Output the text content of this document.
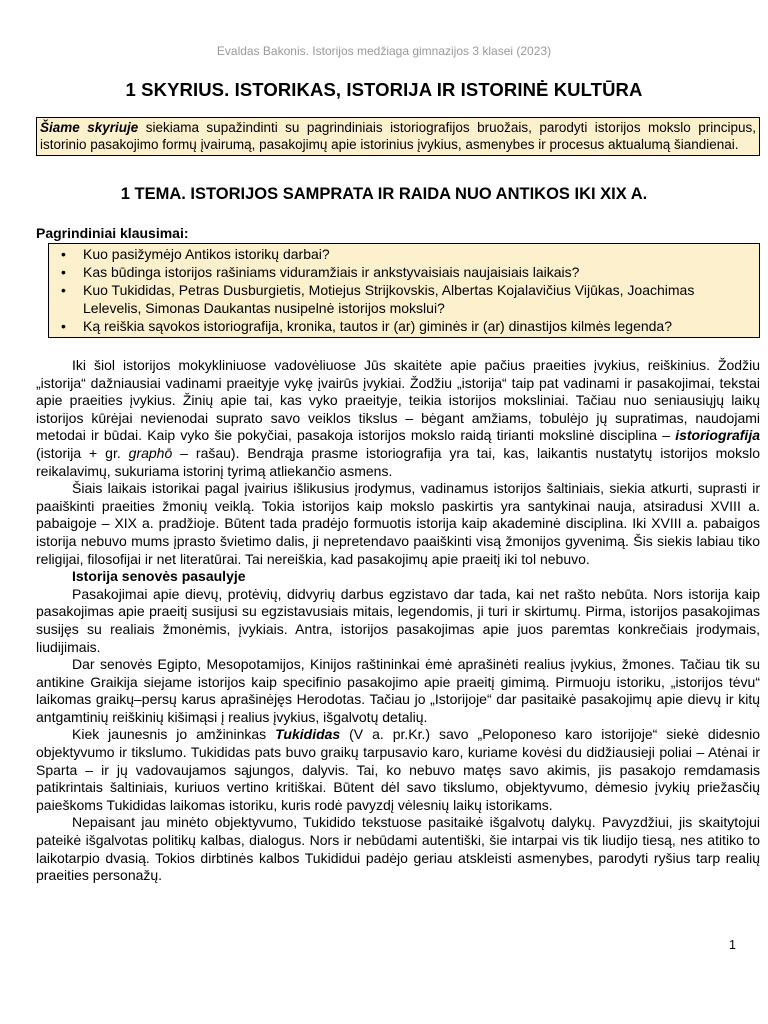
Evaldas Bakonis. Istorijos medžiaga gimnazijos 3 klasei (2023)
1 SKYRIUS. ISTORIKAS, ISTORIJA IR ISTORINĖ KULTŪRA
Šiame skyriuje siekiama supažindinti su pagrindiniais istoriografijos bruožais, parodyti istorijos mokslo principus, istorinio pasakojimo formų įvairumą, pasakojimų apie istorinius įvykius, asmenybes ir procesus aktualumą šiandienai.
1 TEMA. ISTORIJOS SAMPRATA IR RAIDA NUO ANTIKOS IKI XIX A.
Pagrindiniai klausimai:
• Kuo pasižymėjo Antikos istorikų darbai?
• Kas būdinga istorijos rašiniams viduramžiais ir ankstyvaisiais naujaisiais laikais?
• Kuo Tukididas, Petras Dusburgietis, Motiejus Strijkovskis, Albertas Kojalavičius Vijūkas, Joachimas Lelevelis, Simonas Daukantas nusipelnė istorijos mokslui?
• Ką reiškia sąvokos istoriografija, kronika, tautos ir (ar) giminės ir (ar) dinastijos kilmės legenda?

Iki šiol istorijos mokykliniuose vadovėliuose Jūs skaitėte apie pačius praeities įvykius, reiškinius. Žodžiu „istorija“ dažniausiai vadinami praeityje vykę įvairūs įvykiai. Žodžiu „istorija“ taip pat vadinami ir pasakojimai, tekstai apie praeities įvykius. Žinių apie tai, kas vyko praeityje, teikia istorijos moksliniai. Tačiau nuo seniausiųjų laikų istorijos kūrėjai nevienodai suprato savo veiklos tikslus – bėgant amžiams, tobulėjo jų supratimas, naudojami metodai ir būdai. Kaip vyko šie pokyčiai, pasakoja istorijos mokslo raidą tirianti mokslinė disciplina – istoriografija (istorija + gr. graphō – rašau). Bendrąja prasme istoriografija yra tai, kas, laikantis nustatytų istorijos mokslo reikalavimų, sukuriama istorinį tyrimą atliekančio asmens.

Šiais laikais istorikai pagal įvairius išlikusius įrodymus, vadinamus istorijos šaltiniais, siekia atkurti, suprasti ir paaiškinti praeities žmonių veiklą. Tokia istorijos kaip mokslo paskirtis yra santykinai nauja, atsiradusi XVIII a. pabaigoje – XIX a. pradžioje. Būtent tada pradėjo formuotis istorija kaip akademinė disciplina. Iki XVIII a. pabaigos istorija nebuvo mums įprasto švietimo dalis, ji nepretendavo paaiškinti visą žmonijos gyvenimą. Šis siekis labiau tiko religijai, filosofijai ir net literatūrai. Tai nereiškia, kad pasakojimų apie praeitį iki tol nebuvo.

Istorija senovės pasaulyje

Pasakojimai apie dievų, protėvių, didvyrių darbus egzistavo dar tada, kai net rašto nebūta. Nors istorija kaip pasakojimas apie praeitį susijusi su egzistavusiais mitais, legendomis, ji turi ir skirtumų. Pirma, istorijos pasakojimas susijęs su realiais žmonėmis, įvykiais. Antra, istorijos pasakojimas apie juos paremtas konkrečiais įrodymais, liudijimais.

Dar senovės Egipto, Mesopotamijos, Kinijos raštininkai ėmė aprašinėti realius įvykius, žmones. Tačiau tik su antikine Graikija siejame istorijos kaip specifinio pasakojimo apie praeitį gimimą. Pirmuoju istoriku, „istorijos tėvu“ laikomas graikų–persų karus aprašinėjęs Herodotas. Tačiau jo „Istorijoje“ dar pasitaikė pasakojimų apie dievų ir kitų antgamtinių reiškinių kišimąsi į realius įvykius, išgalvotų detalių.

Kiek jaunesnis jo amžininkas Tukididas (V a. pr.Kr.) savo „Peloponeso karo istorijoje“ siekė didesnio objektyvumo ir tikslumo. Tukididas pats buvo graikų tarpusavio karo, kuriame kovėsi du didžiausieji poliai – Atėnai ir Sparta – ir jų vadovaujamos sąjungos, dalyvis. Tai, ko nebuvo matęs savo akimis, jis pasakojo remdamasis patikrintais šaltiniais, kuriuos vertino kritiškai. Būtent dėl savo tikslumo, objektyvumo, dėmesio įvykių priežasčių paieškoms Tukididas laikomas istoriku, kuris rodė pavyzdį vėlesnių laikų istorikams.

Nepaisant jau minėto objektyvumo, Tukidido tekstuose pasitaikė išgalvotų dalykų. Pavyzdžiui, jis skaitytojui pateikė išgalvotas politikų kalbas, dialogus. Nors ir nebūdami autentiški, šie intarpai vis tik liudijo tiesą, nes atitiko to laikotarpio dvasią. Tokios dirbtinės kalbos Tukididui padėjo geriau atskleisti asmenybes, parodyti ryšius tarp realių praeities personažų.

1
